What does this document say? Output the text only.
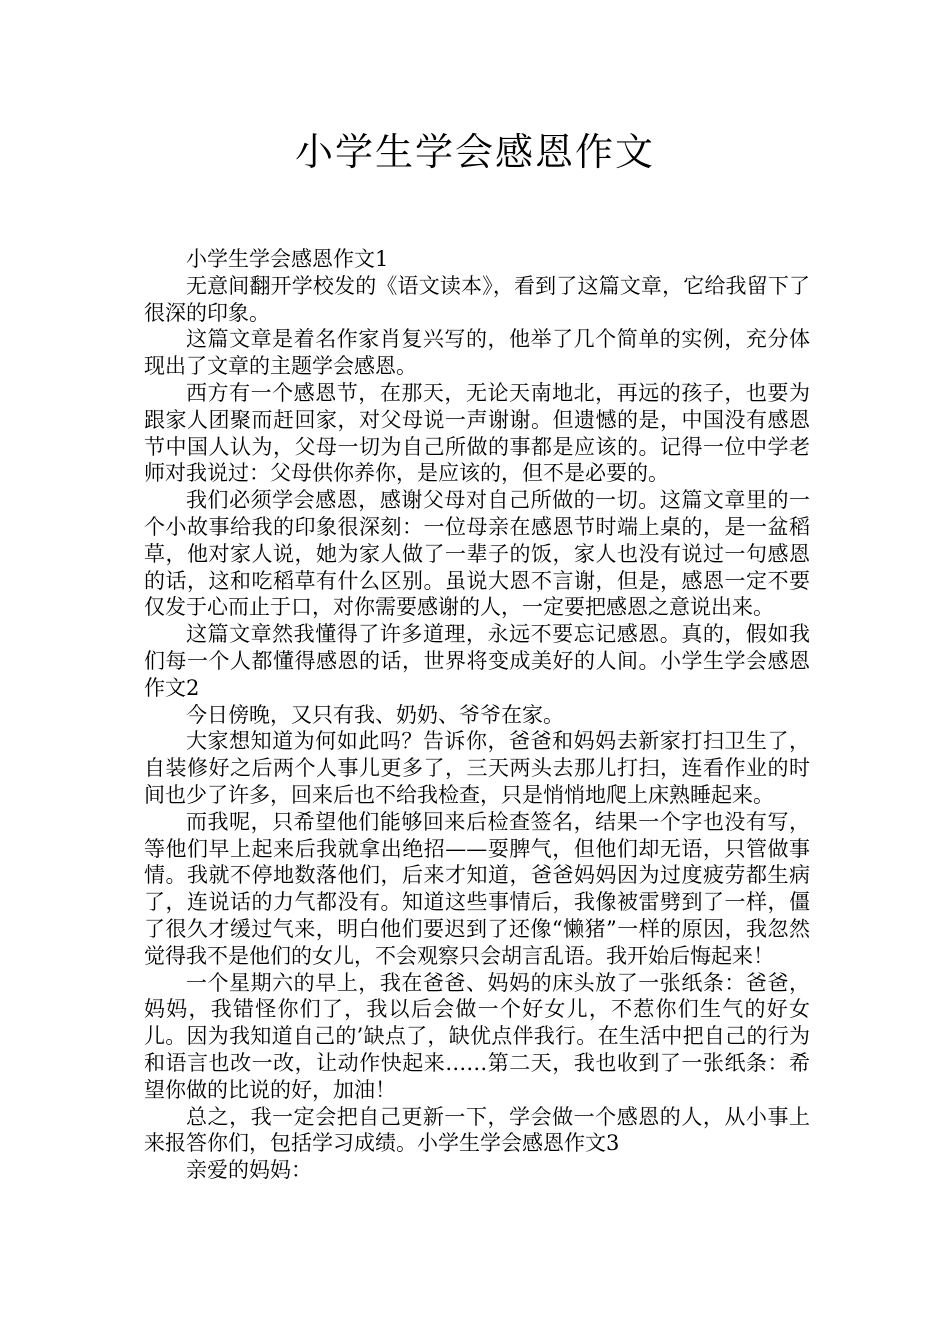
小学生学会感恩作文

小学生学会感恩作文1

无意间翻开学校发的《语文读本》，看到了这篇文章，它给我留下了很深的印象。

这篇文章是着名作家肖复兴写的，他举了几个简单的实例，充分体现出了文章的主题学会感恩。

西方有一个感恩节，在那天，无论天南地北，再远的孩子，也要为跟家人团聚而赶回家，对父母说一声谢谢。但遗憾的是，中国没有感恩节中国人认为，父母一切为自己所做的事都是应该的。记得一位中学老师对我说过：父母供你养你，是应该的，但不是必要的。

我们必须学会感恩，感谢父母对自己所做的一切。这篇文章里的一个小故事给我的印象很深刻：一位母亲在感恩节时端上桌的，是一盆稻草，他对家人说，她为家人做了一辈子的饭，家人也没有说过一句感恩的话，这和吃稻草有什么区别。虽说大恩不言谢，但是，感恩一定不要仅发于心而止于口，对你需要感谢的人，一定要把感恩之意说出来。

这篇文章然我懂得了许多道理，永远不要忘记感恩。真的，假如我们每一个人都懂得感恩的话，世界将变成美好的人间。小学生学会感恩作文2

今日傍晚，又只有我、奶奶、爷爷在家。

大家想知道为何如此吗？告诉你，爸爸和妈妈去新家打扫卫生了，自装修好之后两个人事儿更多了，三天两头去那儿打扫，连看作业的时间也少了许多，回来后也不给我检查，只是悄悄地爬上床熟睡起来。

而我呢，只希望他们能够回来后检查签名，结果一个字也没有写，等他们早上起来后我就拿出绝招——耍脾气，但他们却无语，只管做事情。我就不停地数落他们，后来才知道，爸爸妈妈因为过度疲劳都生病了，连说话的力气都没有。知道这些事情后，我像被雷劈到了一样，僵了很久才缓过气来，明白他们要迟到了还像“懒猪”一样的原因，我忽然觉得我不是他们的女儿，不会观察只会胡言乱语。我开始后悔起来！

一个星期六的早上，我在爸爸、妈妈的床头放了一张纸条：爸爸，妈妈，我错怪你们了，我以后会做一个好女儿，不惹你们生气的好女儿。因为我知道自己的’缺点了，缺优点伴我行。在生活中把自己的行为和语言也改一改，让动作快起来……第二天，我也收到了一张纸条：希望你做的比说的好，加油！

总之，我一定会把自己更新一下，学会做一个感恩的人，从小事上来报答你们，包括学习成绩。小学生学会感恩作文3

亲爱的妈妈：
